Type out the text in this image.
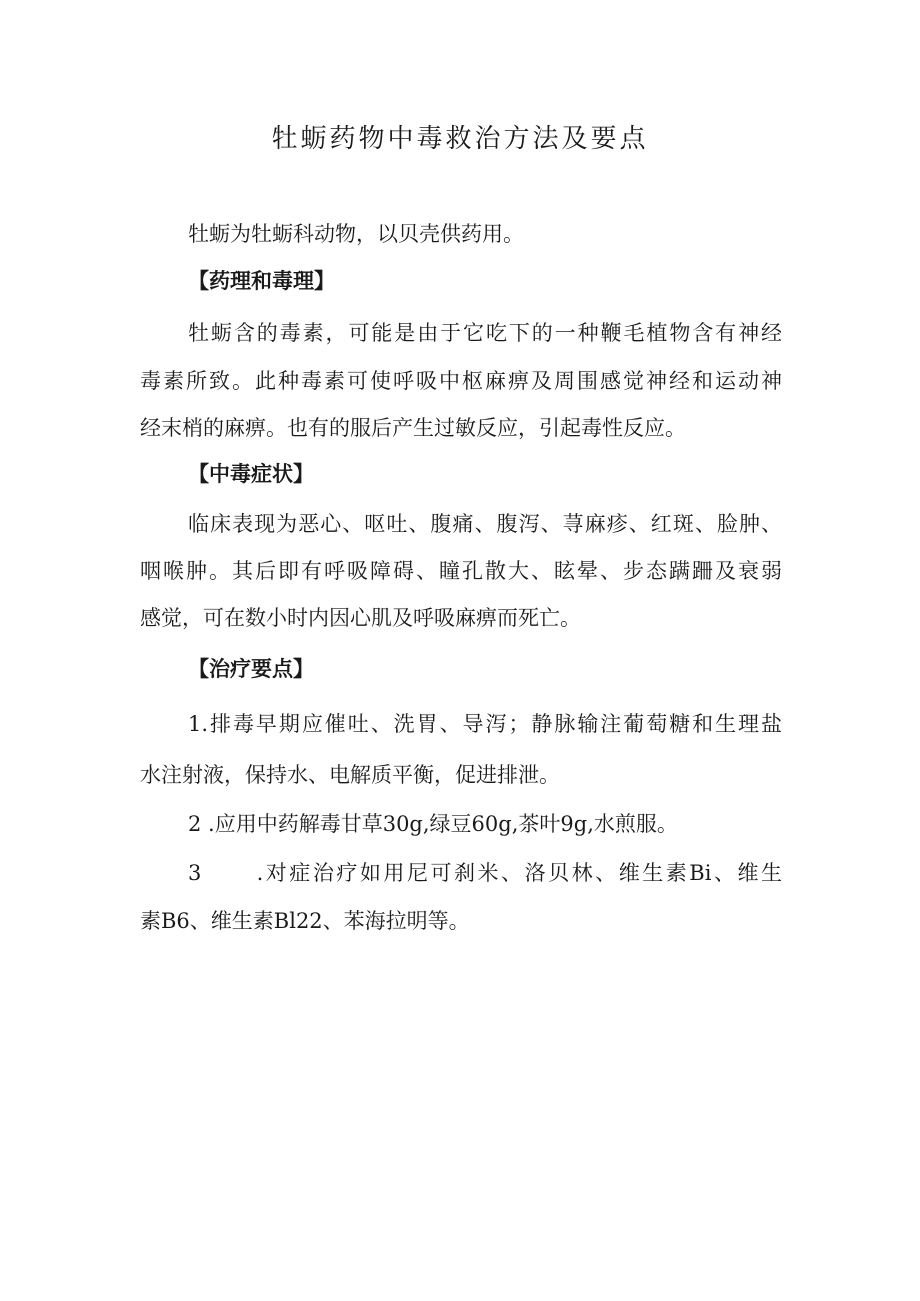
牡蛎药物中毒救治方法及要点

牡蛎为牡蛎科动物，以贝壳供药用。

【药理和毒理】

牡蛎含的毒素，可能是由于它吃下的一种鞭毛植物含有神经

毒素所致。此种毒素可使呼吸中枢麻痹及周围感觉神经和运动神

经末梢的麻痹。也有的服后产生过敏反应，引起毒性反应。

【中毒症状】

临床表现为恶心、呕吐、腹痛、腹泻、荨麻疹、红斑、脸肿、

咽喉肿。其后即有呼吸障碍、瞳孔散大、眩晕、步态蹒跚及衰弱

感觉，可在数小时内因心肌及呼吸麻痹而死亡。

【治疗要点】

1.排毒早期应催吐、洗胃、导泻；静脉输注葡萄糖和生理盐

水注射液，保持水、电解质平衡，促进排泄。

2 .应用中药解毒甘草30g,绿豆60g,茶叶9g,水煎服。

3      .对症治疗如用尼可刹米、洛贝林、维生素Bi、维生

素B6、维生素Bl22、苯海拉明等。
